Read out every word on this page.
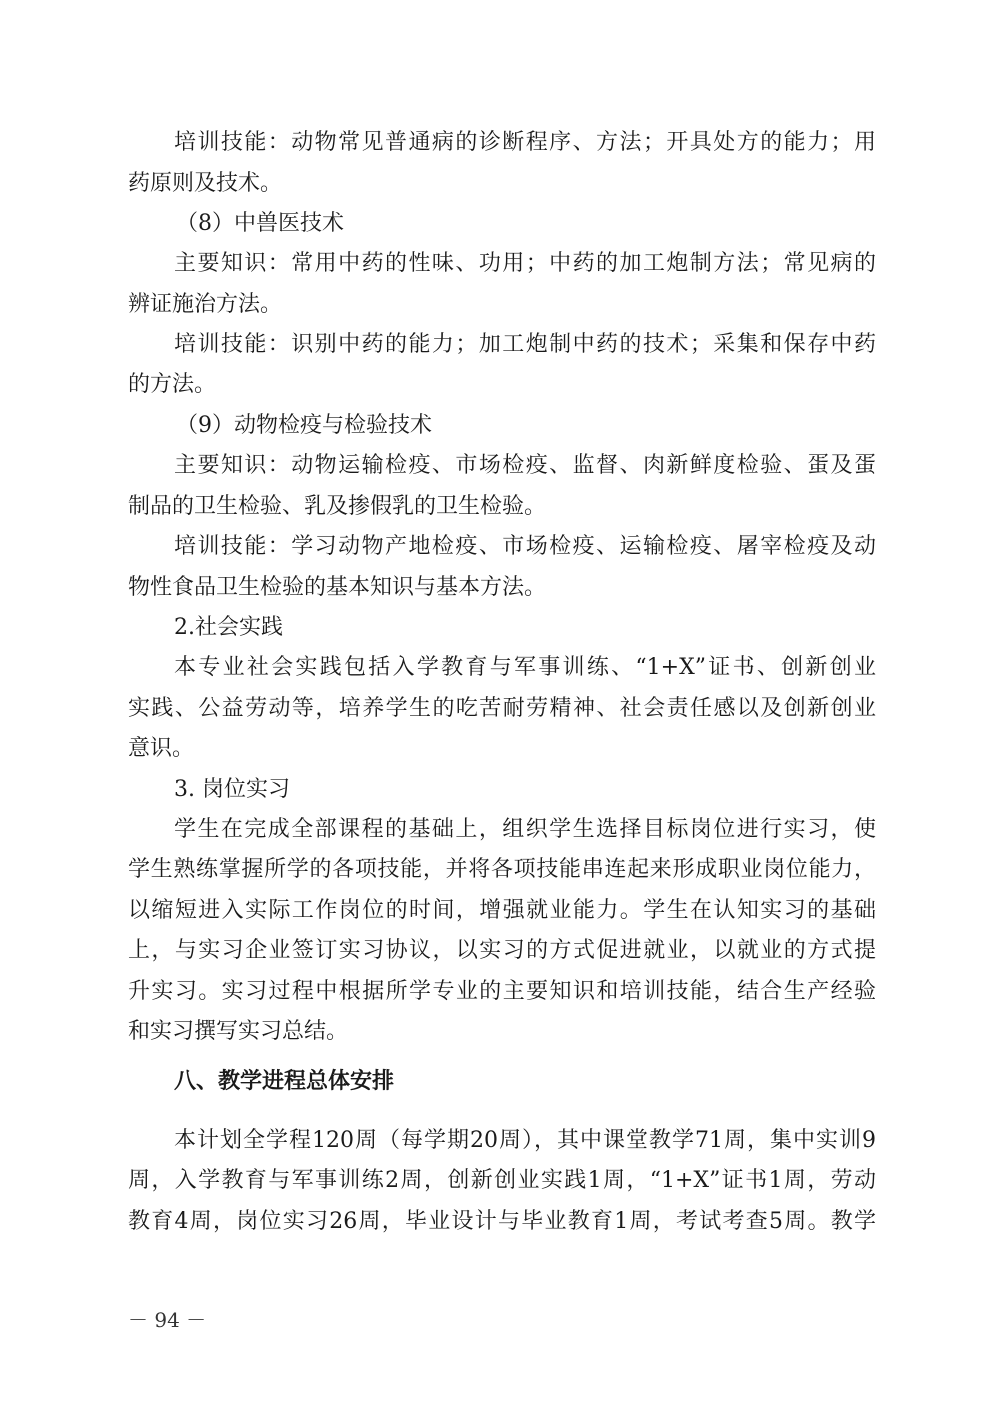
培训技能：动物常见普通病的诊断程序、方法；开具处方的能力；用
药原则及技术。
（8）中兽医技术
主要知识：常用中药的性味、功用；中药的加工炮制方法；常见病的
辨证施治方法。
培训技能：识别中药的能力；加工炮制中药的技术；采集和保存中药
的方法。
（9）动物检疫与检验技术
主要知识：动物运输检疫、市场检疫、监督、肉新鲜度检验、蛋及蛋
制品的卫生检验、乳及掺假乳的卫生检验。
培训技能：学习动物产地检疫、市场检疫、运输检疫、屠宰检疫及动
物性食品卫生检验的基本知识与基本方法。
2.社会实践
本专业社会实践包括入学教育与军事训练、“1+X”证书、创新创业
实践、公益劳动等，培养学生的吃苦耐劳精神、社会责任感以及创新创业
意识。
3. 岗位实习
学生在完成全部课程的基础上，组织学生选择目标岗位进行实习，使
学生熟练掌握所学的各项技能，并将各项技能串连起来形成职业岗位能力，
以缩短进入实际工作岗位的时间，增强就业能力。学生在认知实习的基础
上，与实习企业签订实习协议，以实习的方式促进就业，以就业的方式提
升实习。实习过程中根据所学专业的主要知识和培训技能，结合生产经验
和实习撰写实习总结。
八、教学进程总体安排
本计划全学程120周（每学期20周），其中课堂教学71周，集中实训9
周，入学教育与军事训练2周，创新创业实践1周，“1+X”证书1周，劳动
教育4周，岗位实习26周，毕业设计与毕业教育1周，考试考查5周。教学
－ 94 －
